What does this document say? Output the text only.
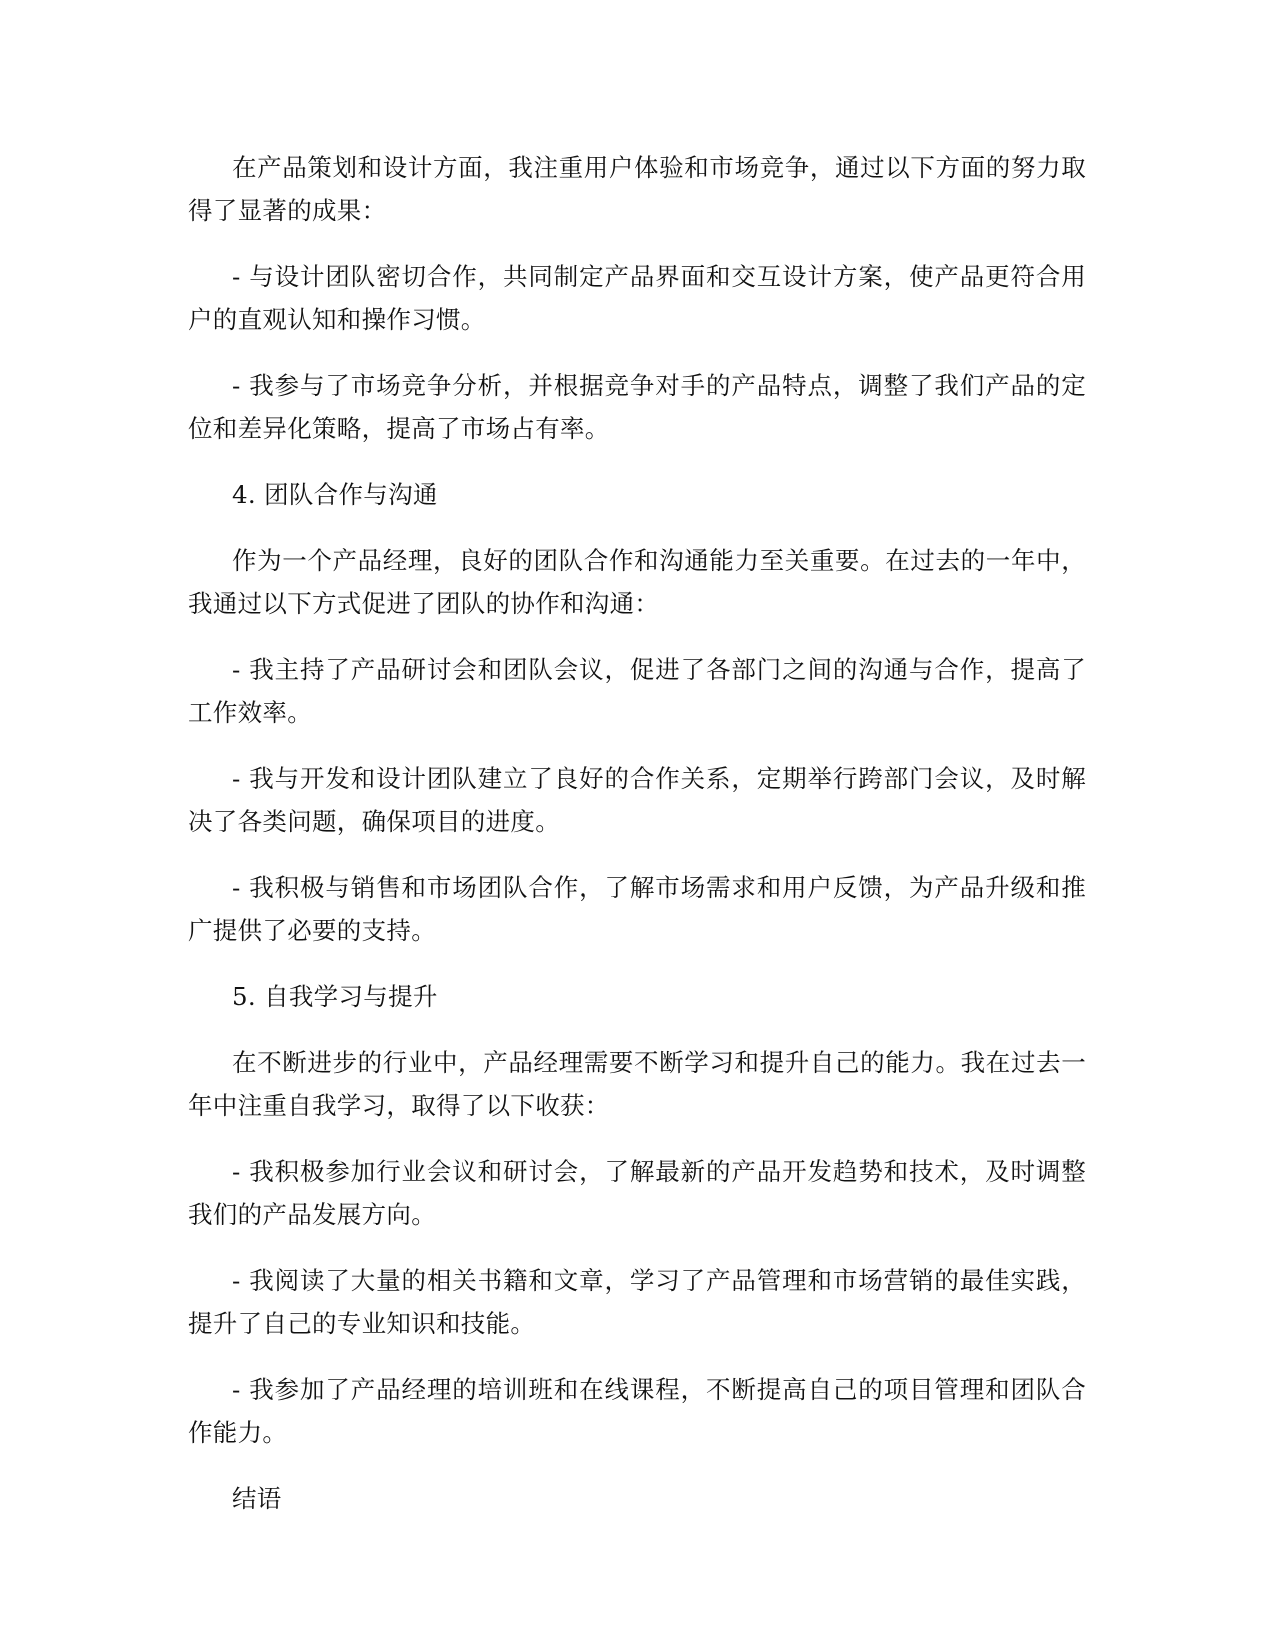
在产品策划和设计方面，我注重用户体验和市场竞争，通过以下方面的努力取得了显著的成果：

- 与设计团队密切合作，共同制定产品界面和交互设计方案，使产品更符合用户的直观认知和操作习惯。

- 我参与了市场竞争分析，并根据竞争对手的产品特点，调整了我们产品的定位和差异化策略，提高了市场占有率。

4. 团队合作与沟通

作为一个产品经理，良好的团队合作和沟通能力至关重要。在过去的一年中，我通过以下方式促进了团队的协作和沟通：

- 我主持了产品研讨会和团队会议，促进了各部门之间的沟通与合作，提高了工作效率。

- 我与开发和设计团队建立了良好的合作关系，定期举行跨部门会议，及时解决了各类问题，确保项目的进度。

- 我积极与销售和市场团队合作，了解市场需求和用户反馈，为产品升级和推广提供了必要的支持。

5. 自我学习与提升

在不断进步的行业中，产品经理需要不断学习和提升自己的能力。我在过去一年中注重自我学习，取得了以下收获：

- 我积极参加行业会议和研讨会，了解最新的产品开发趋势和技术，及时调整我们的产品发展方向。

- 我阅读了大量的相关书籍和文章，学习了产品管理和市场营销的最佳实践，提升了自己的专业知识和技能。

- 我参加了产品经理的培训班和在线课程，不断提高自己的项目管理和团队合作能力。

结语
